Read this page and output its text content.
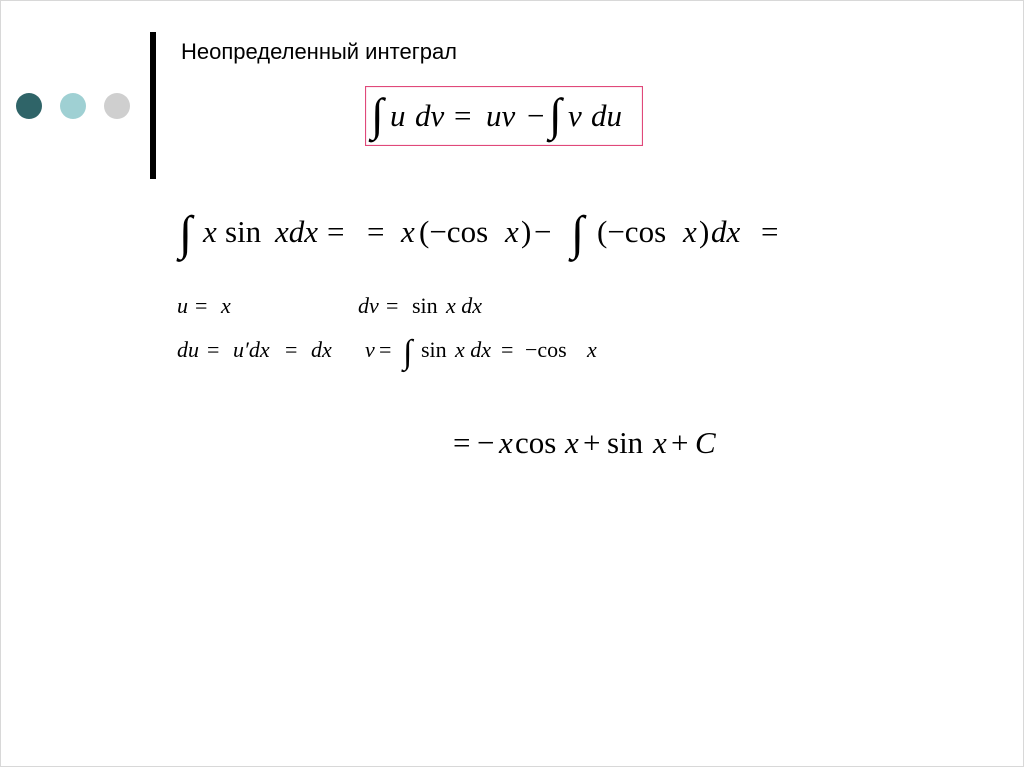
Неопределенный интеграл
∫ u dv = uv − ∫ v du
∫ x sin xdx = = x (−cos x ) − ∫ (−cos x ) dx =
u = x	dv = sin x dx
du = u′dx = dx v = ∫ sin x dx = −cos x
= − x cos x + sin x + C
